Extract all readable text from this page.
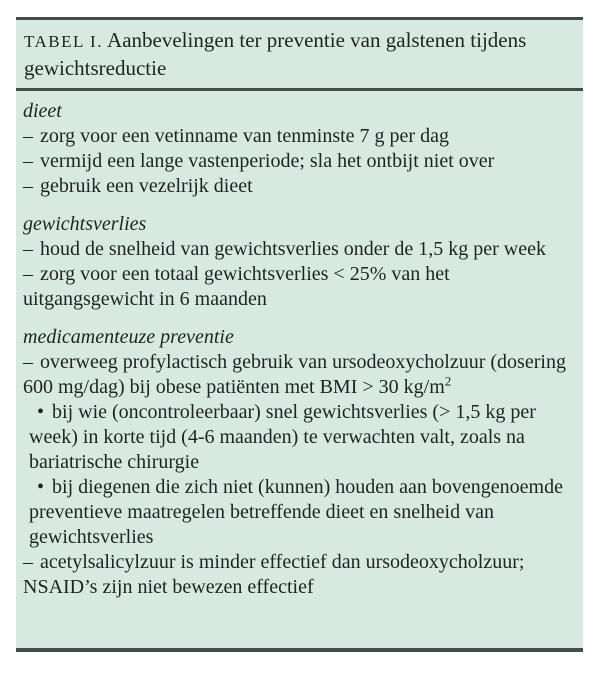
TABEL I. Aanbevelingen ter preventie van galstenen tijdens gewichtsreductie

dieet

– zorg voor een vetinname van tenminste 7 g per dag

– vermijd een lange vastenperiode; sla het ontbijt niet over

– gebruik een vezelrijk dieet

gewichtsverlies

– houd de snelheid van gewichtsverlies onder de 1,5 kg per week

– zorg voor een totaal gewichtsverlies < 25% van het uitgangsgewicht in 6 maanden

medicamenteuze preventie

– overweeg profylactisch gebruik van ursodeoxycholzuur (dosering 600 mg/dag) bij obese patiënten met BMI > 30 $kg/m^2$

• bij wie (oncontroleerbaar) snel gewichtsverlies (> 1,5 kg per week) in korte tijd (4-6 maanden) te verwachten valt, zoals na bariatrische chirurgie

• bij diegenen die zich niet (kunnen) houden aan bovengenoemde preventieve maatregelen betreffende dieet en snelheid van gewichtsverlies

– acetylsalicylzuur is minder effectief dan ursodeoxycholzuur; NSAID’s zijn niet bewezen effectief
